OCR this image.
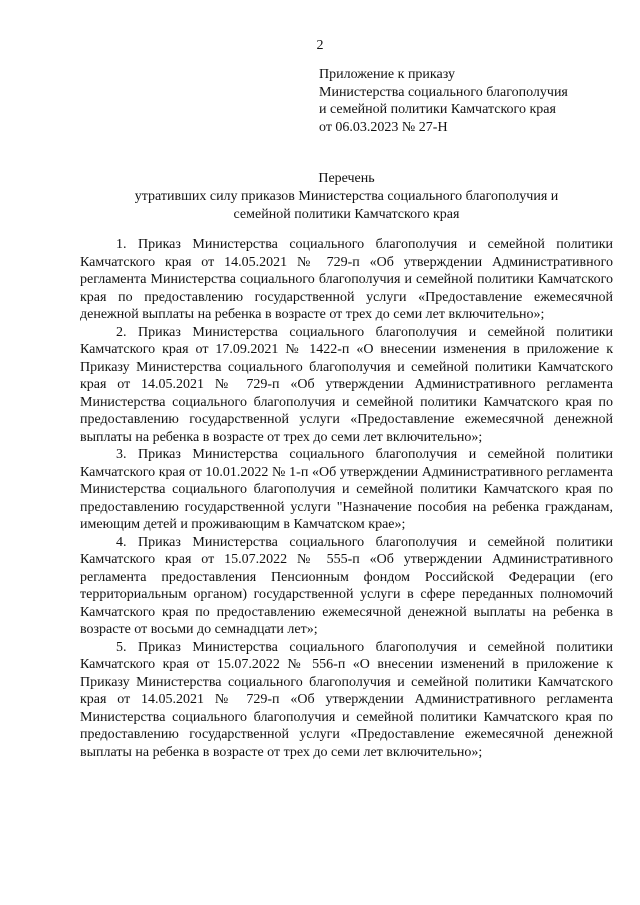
2
Приложение к приказу
Министерства социального благополучия
и семейной политики Камчатского края
от 06.03.2023 № 27-Н
Перечень
утративших силу приказов Министерства социального благополучия и
семейной политики Камчатского края

1. Приказ Министерства социального благополучия и семейной политики Камчатского края от 14.05.2021 № 729-п «Об утверждении Административного регламента Министерства социального благополучия и семейной политики Камчатского края по предоставлению государственной услуги «Предоставление ежемесячной денежной выплаты на ребенка в возрасте от трех до семи лет включительно»;

2. Приказ Министерства социального благополучия и семейной политики Камчатского края от 17.09.2021 № 1422-п «О внесении изменения в приложение к Приказу Министерства социального благополучия и семейной политики Камчатского края от 14.05.2021 № 729-п «Об утверждении Административного регламента Министерства социального благополучия и семейной политики Камчатского края по предоставлению государственной услуги «Предоставление ежемесячной денежной выплаты на ребенка в возрасте от трех до семи лет включительно»;

3. Приказ Министерства социального благополучия и семейной политики Камчатского края от 10.01.2022 № 1-п «Об утверждении Административного регламента Министерства социального благополучия и семейной политики Камчатского края по предоставлению государственной услуги "Назначение пособия на ребенка гражданам, имеющим детей и проживающим в Камчатском крае»;

4. Приказ Министерства социального благополучия и семейной политики Камчатского края от 15.07.2022 № 555-п «Об утверждении Административного регламента предоставления Пенсионным фондом Российской Федерации (его территориальным органом) государственной услуги в сфере переданных полномочий Камчатского края по предоставлению ежемесячной денежной выплаты на ребенка в возрасте от восьми до семнадцати лет»;

5. Приказ Министерства социального благополучия и семейной политики Камчатского края от 15.07.2022 № 556-п «О внесении изменений в приложение к Приказу Министерства социального благополучия и семейной политики Камчатского края от 14.05.2021 № 729-п «Об утверждении Административного регламента Министерства социального благополучия и семейной политики Камчатского края по предоставлению государственной услуги «Предоставление ежемесячной денежной выплаты на ребенка в возрасте от трех до семи лет включительно»;
